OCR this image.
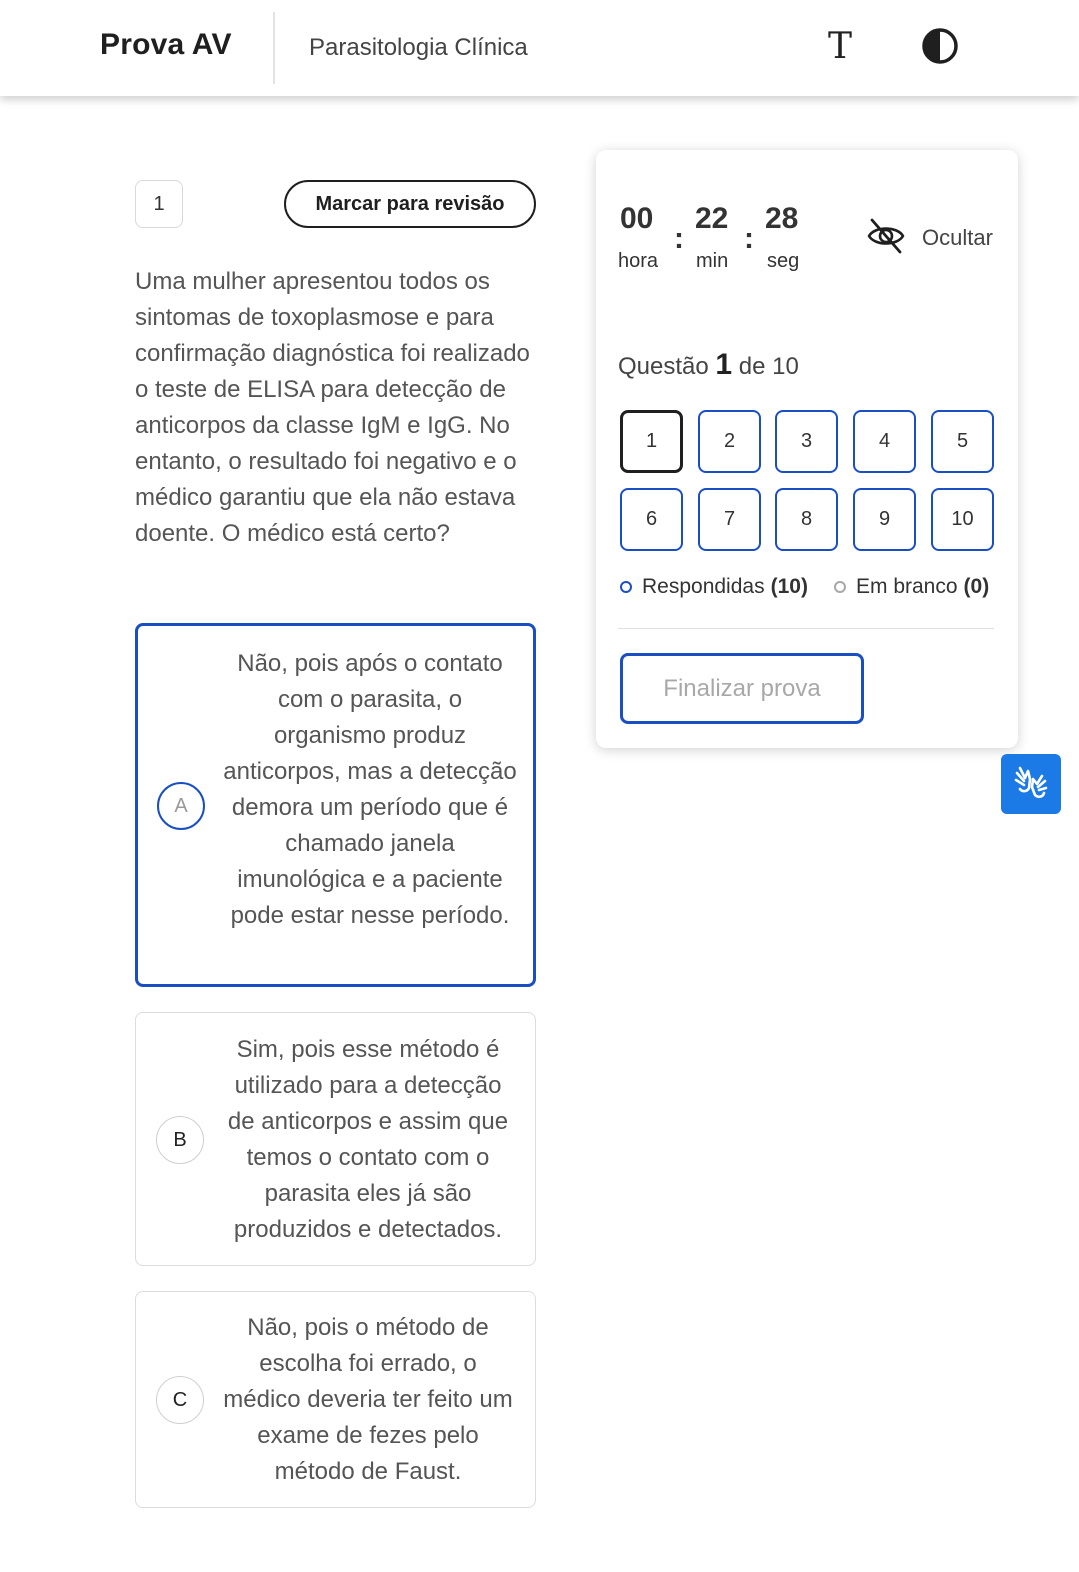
Prova AV	Parasitologia Clínica	T
1	Marcar para revisão
Uma mulher apresentou todos os sintomas de toxoplasmose e para confirmação diagnóstica foi realizado o teste de ELISA para detecção de anticorpos da classe IgM e IgG. No entanto, o resultado foi negativo e o médico garantiu que ela não estava doente. O médico está certo?
A
Não, pois após o contato com o parasita, o organismo produz anticorpos, mas a detecção demora um período que é chamado janela imunológica e a paciente pode estar nesse período.
B
Sim, pois esse método é utilizado para a detecção de anticorpos e assim que temos o contato com o parasita eles já são produzidos e detectados.
C
Não, pois o método de escolha foi errado, o médico deveria ter feito um exame de fezes pelo método de Faust.
00
:
22
:
28
hora min seg
Ocultar
Questão 1 de 10
1	2	3	4	5
6	7	8	9	10
Respondidas (10) Em branco (0)
Finalizar prova
